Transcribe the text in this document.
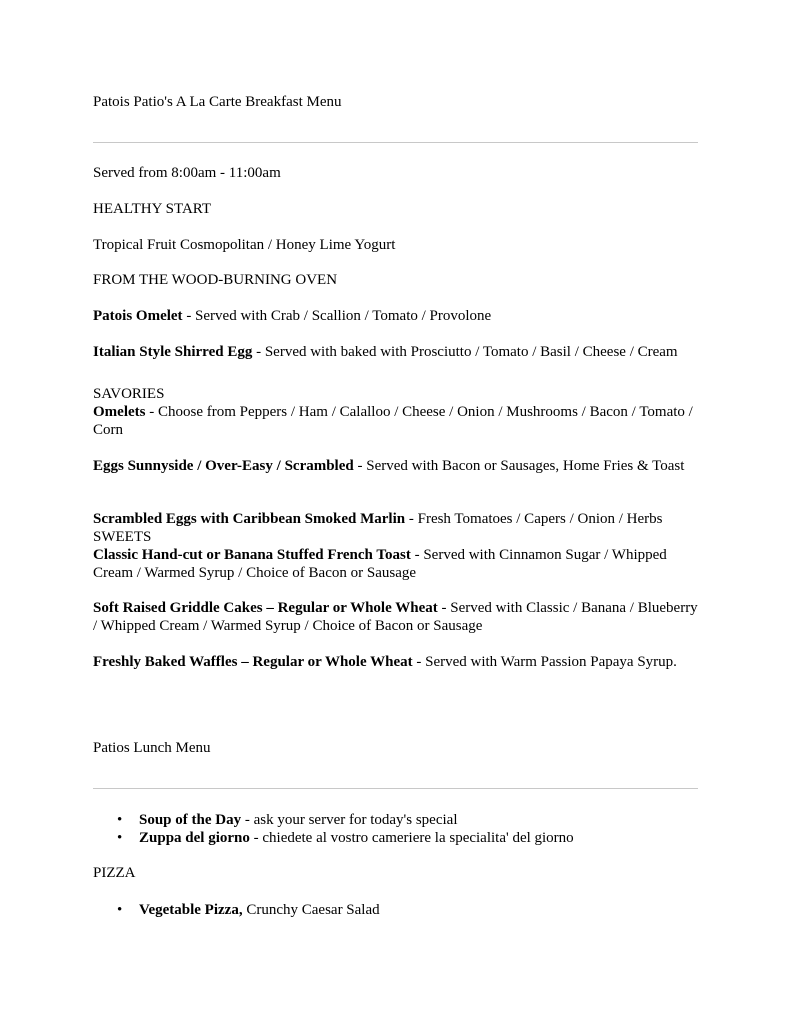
Patois Patio's A La Carte Breakfast Menu
Served from 8:00am - 11:00am
HEALTHY START
Tropical Fruit Cosmopolitan / Honey Lime Yogurt
FROM THE WOOD-BURNING OVEN
Patois Omelet - Served with Crab / Scallion / Tomato / Provolone
Italian Style Shirred Egg - Served with baked with Prosciutto / Tomato / Basil / Cheese / Cream
SAVORIES
Omelets - Choose from Peppers / Ham / Calalloo / Cheese / Onion / Mushrooms / Bacon / Tomato / Corn
Eggs Sunnyside / Over-Easy / Scrambled - Served with Bacon or Sausages, Home Fries & Toast
Scrambled Eggs with Caribbean Smoked Marlin - Fresh Tomatoes / Capers / Onion / Herbs
SWEETS
Classic Hand-cut or Banana Stuffed French Toast - Served with Cinnamon Sugar / Whipped Cream / Warmed Syrup / Choice of Bacon or Sausage
Soft Raised Griddle Cakes – Regular or Whole Wheat - Served with Classic / Banana / Blueberry / Whipped Cream / Warmed Syrup / Choice of Bacon or Sausage
Freshly Baked Waffles – Regular or Whole Wheat - Served with Warm Passion Papaya Syrup.
Patios Lunch Menu
• Soup of the Day - ask your server for today's special
• Zuppa del giorno - chiedete al vostro cameriere la specialita' del giorno
PIZZA
• Vegetable Pizza, Crunchy Caesar Salad
